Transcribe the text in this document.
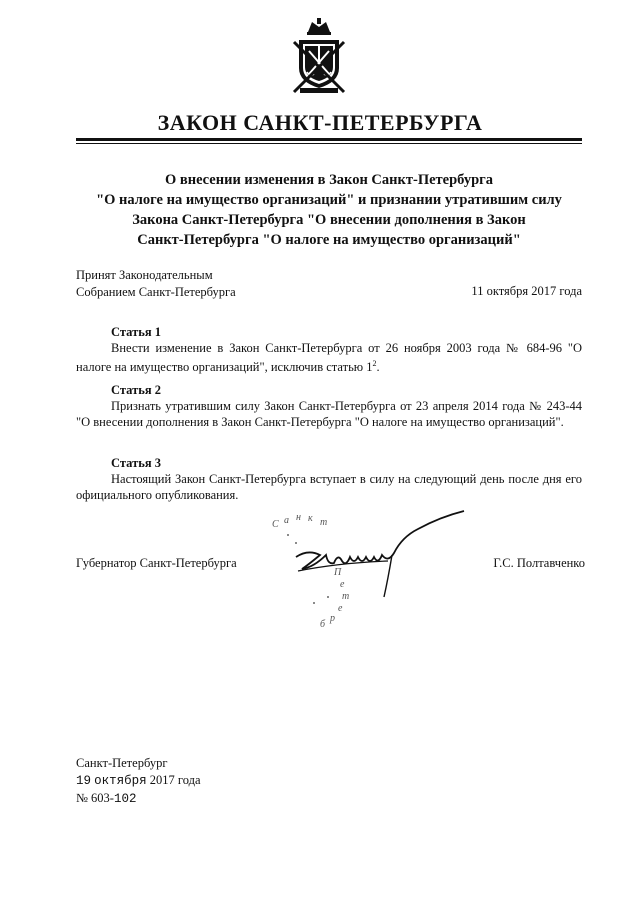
ЗАКОН САНКТ-ПЕТЕРБУРГА
О внесении изменения в Закон Санкт-Петербурга
"О налоге на имущество организаций" и признании утратившим силу
Закона Санкт-Петербурга "О внесении дополнения в Закон
Санкт-Петербурга "О налоге на имущество организаций"
Принят Законодательным
Собранием Санкт-Петербурга	11 октября 2017 года
Статья 1
Внести изменение в Закон Санкт-Петербурга от 26 ноября 2003 года № 684-96 "О налоге на имущество организаций", исключив статью $1^2$.
Статья 2
Признать утратившим силу Закон Санкт-Петербурга от 23 апреля 2014 года № 243-44 "О внесении дополнения в Закон Санкт-Петербурга "О налоге на имущество организаций".
Статья 3
Настоящий Закон Санкт-Петербурга вступает в силу на следующий день после дня его официального опубликования.
Губернатор Санкт-Петербурга	Г.С. Полтавченко
С а н к т
П
е
т
е
р
б
Санкт-Петербург
19 октября 2017 года
№ 603-102
